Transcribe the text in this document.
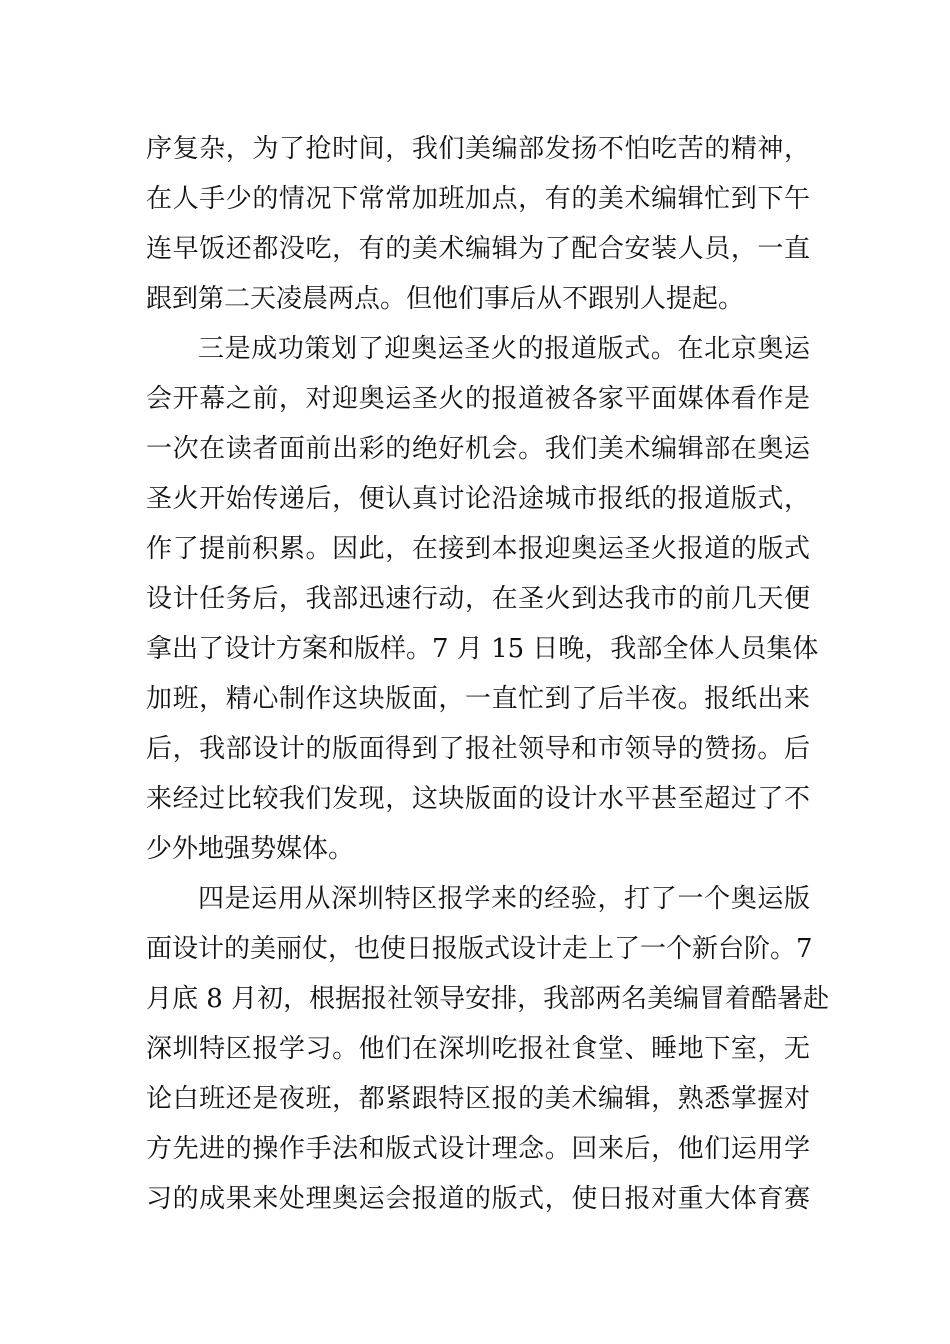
序复杂，为了抢时间，我们美编部发扬不怕吃苦的精神，
在人手少的情况下常常加班加点，有的美术编辑忙到下午
连早饭还都没吃，有的美术编辑为了配合安装人员，一直
跟到第二天凌晨两点。但他们事后从不跟别人提起。
三是成功策划了迎奥运圣火的报道版式。在北京奥运
会开幕之前，对迎奥运圣火的报道被各家平面媒体看作是
一次在读者面前出彩的绝好机会。我们美术编辑部在奥运
圣火开始传递后，便认真讨论沿途城市报纸的报道版式，
作了提前积累。因此，在接到本报迎奥运圣火报道的版式
设计任务后，我部迅速行动，在圣火到达我市的前几天便
拿出了设计方案和版样。7 月 15 日晚，我部全体人员集体
加班，精心制作这块版面，一直忙到了后半夜。报纸出来
后，我部设计的版面得到了报社领导和市领导的赞扬。后
来经过比较我们发现，这块版面的设计水平甚至超过了不
少外地强势媒体。
四是运用从深圳特区报学来的经验，打了一个奥运版
面设计的美丽仗，也使日报版式设计走上了一个新台阶。7
月底 8 月初，根据报社领导安排，我部两名美编冒着酷暑赴
深圳特区报学习。他们在深圳吃报社食堂、睡地下室，无
论白班还是夜班，都紧跟特区报的美术编辑，熟悉掌握对
方先进的操作手法和版式设计理念。回来后，他们运用学
习的成果来处理奥运会报道的版式，使日报对重大体育赛
